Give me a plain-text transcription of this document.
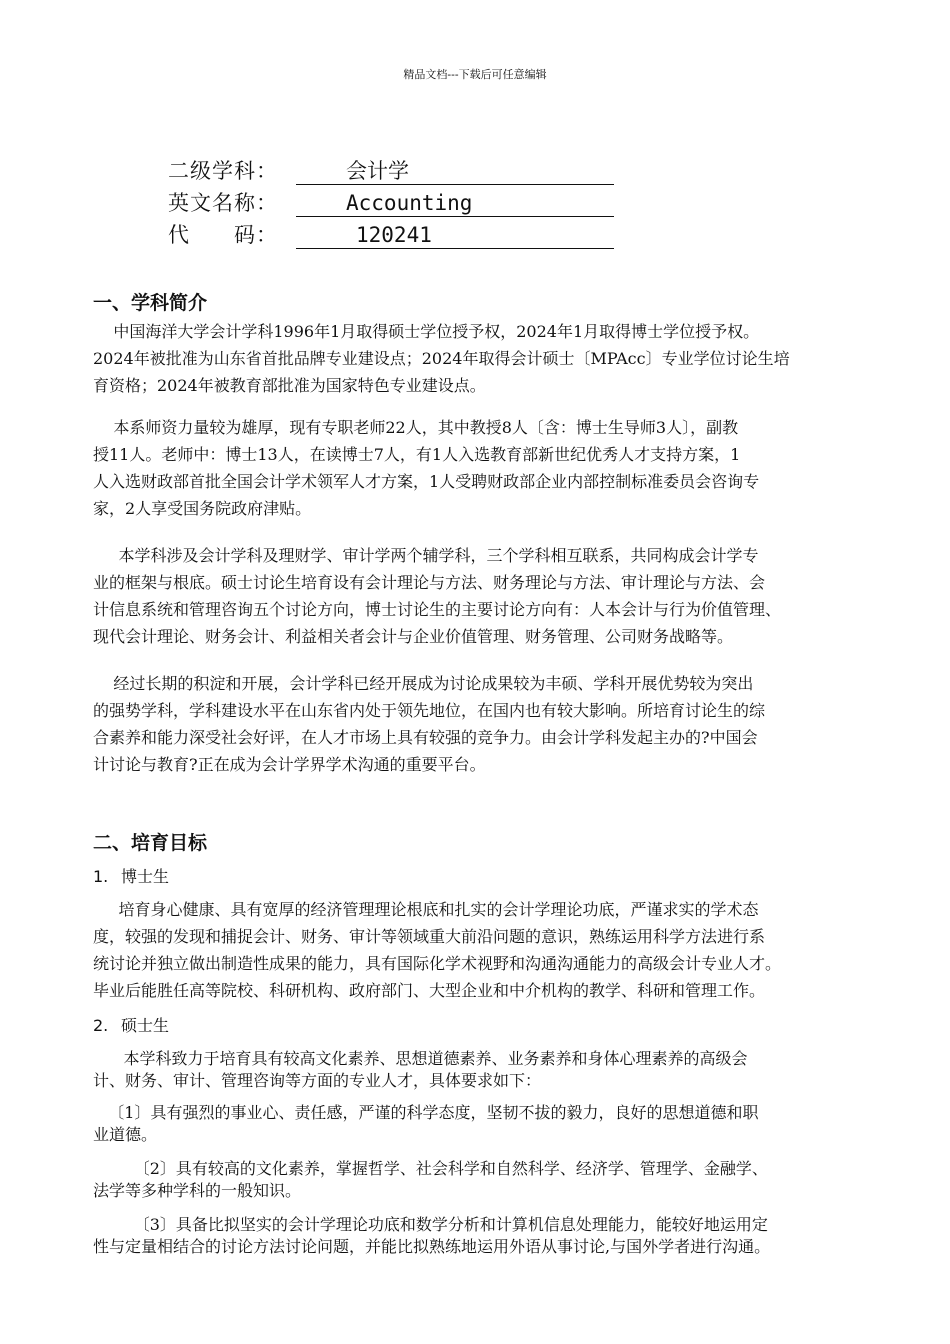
精品文档---下载后可任意编辑
二级学科：	会计学
英文名称：	Accounting
代　　码：	120241
一、学科简介
中国海洋大学会计学科1996年1月取得硕士学位授予权，2024年1月取得博士学位授予权。
2024年被批准为山东省首批品牌专业建设点；2024年取得会计硕士〔MPAcc〕专业学位讨论生培
育资格；2024年被教育部批准为国家特色专业建设点。
本系师资力量较为雄厚，现有专职老师22人，其中教授8人〔含：博士生导师3人〕，副教
授11人。老师中：博士13人，在读博士7人，有1人入选教育部新世纪优秀人才支持方案，1
人入选财政部首批全国会计学术领军人才方案，1人受聘财政部企业内部控制标准委员会咨询专
家，2人享受国务院政府津贴。
本学科涉及会计学科及理财学、审计学两个辅学科，三个学科相互联系，共同构成会计学专
业的框架与根底。硕士讨论生培育设有会计理论与方法、财务理论与方法、审计理论与方法、会
计信息系统和管理咨询五个讨论方向，博士讨论生的主要讨论方向有：人本会计与行为价值管理、
现代会计理论、财务会计、利益相关者会计与企业价值管理、财务管理、公司财务战略等。
经过长期的积淀和开展，会计学科已经开展成为讨论成果较为丰硕、学科开展优势较为突出
的强势学科，学科建设水平在山东省内处于领先地位，在国内也有较大影响。所培育讨论生的综
合素养和能力深受社会好评，在人才市场上具有较强的竞争力。由会计学科发起主办的?中国会
计讨论与教育?正在成为会计学界学术沟通的重要平台。
二、培育目标
1. 博士生
培育身心健康、具有宽厚的经济管理理论根底和扎实的会计学理论功底，严谨求实的学术态
度，较强的发现和捕捉会计、财务、审计等领域重大前沿问题的意识，熟练运用科学方法进行系
统讨论并独立做出制造性成果的能力，具有国际化学术视野和沟通沟通能力的高级会计专业人才。
毕业后能胜任高等院校、科研机构、政府部门、大型企业和中介机构的教学、科研和管理工作。
2. 硕士生
本学科致力于培育具有较高文化素养、思想道德素养、业务素养和身体心理素养的高级会
计、财务、审计、管理咨询等方面的专业人才，具体要求如下：
〔1〕具有强烈的事业心、责任感，严谨的科学态度，坚韧不拔的毅力，良好的思想道德和职
业道德。
〔2〕具有较高的文化素养，掌握哲学、社会科学和自然科学、经济学、管理学、金融学、
法学等多种学科的一般知识。
〔3〕具备比拟坚实的会计学理论功底和数学分析和计算机信息处理能力，能较好地运用定
性与定量相结合的讨论方法讨论问题，并能比拟熟练地运用外语从事讨论,与国外学者进行沟通。
